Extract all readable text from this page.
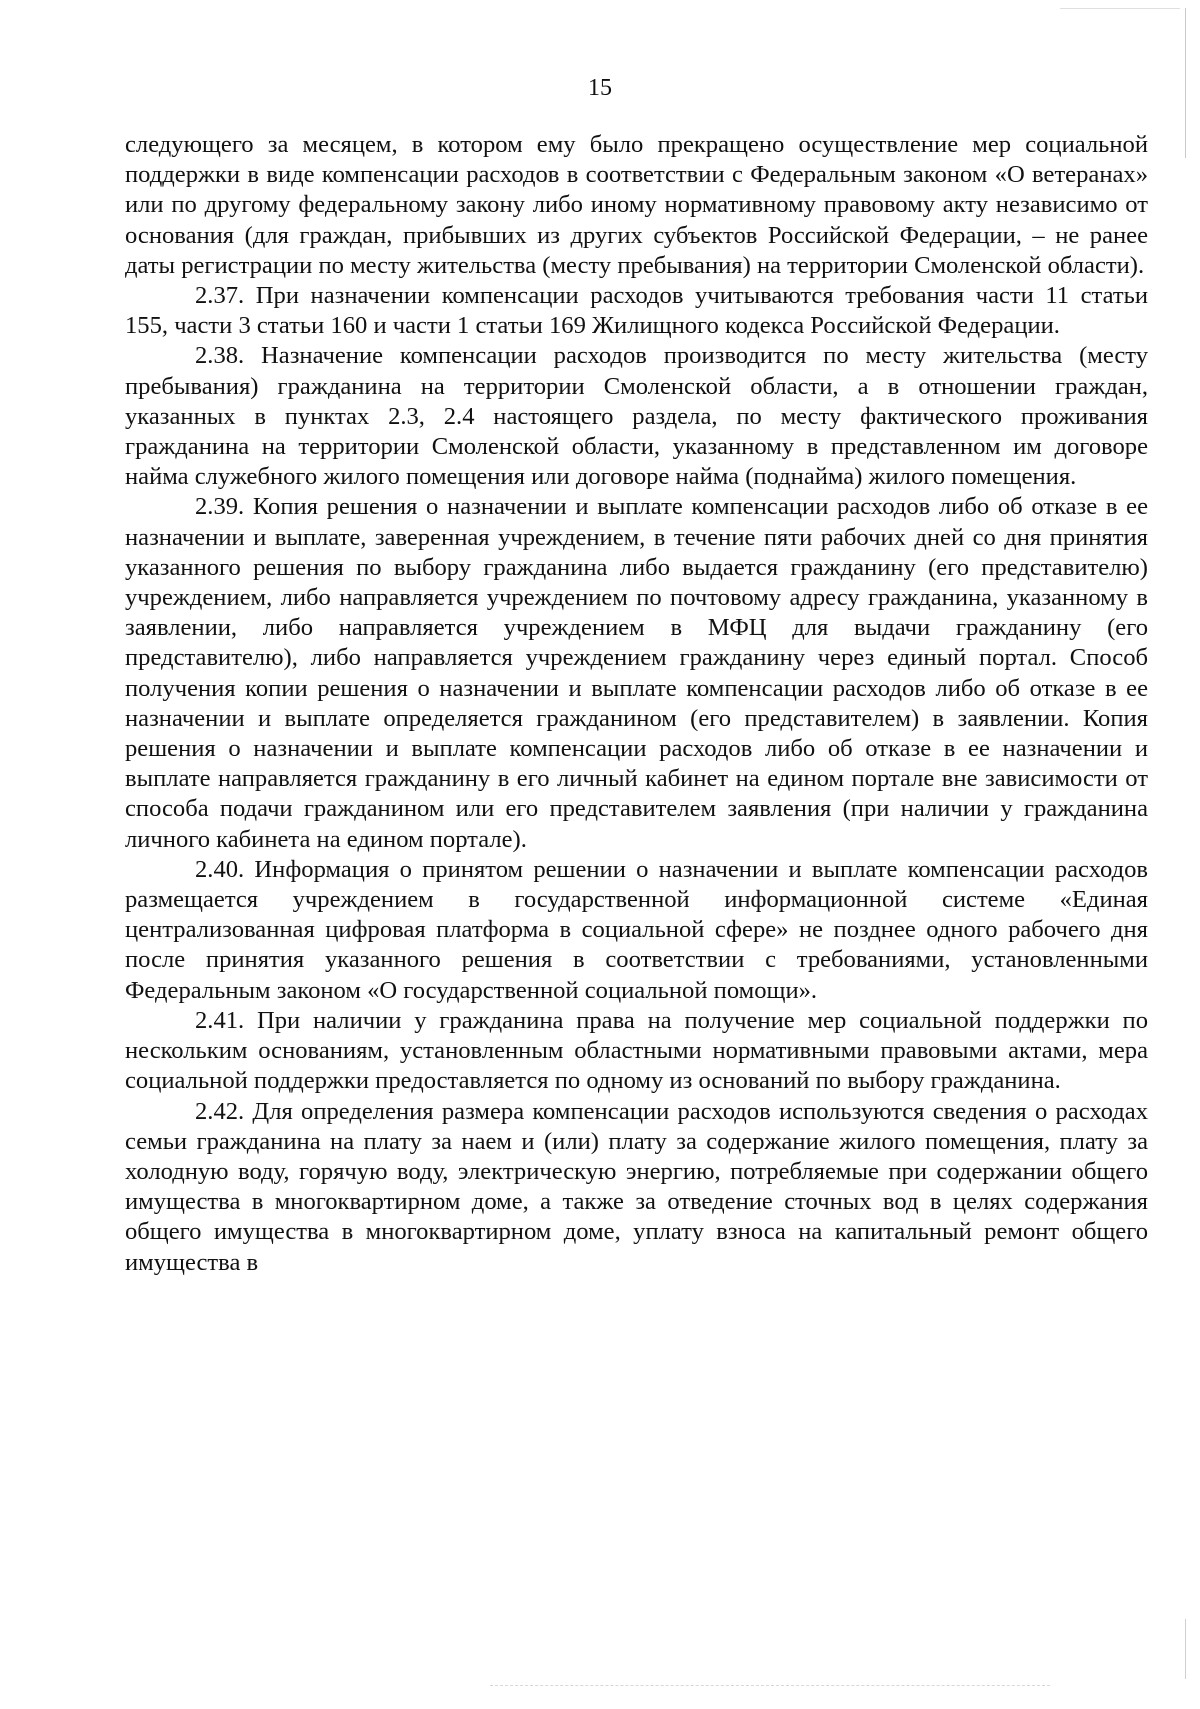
15

следующего за месяцем, в котором ему было прекращено осуществление мер социальной поддержки в виде компенсации расходов в соответствии с Федеральным законом «О ветеранах» или по другому федеральному закону либо иному нормативному правовому акту независимо от основания (для граждан, прибывших из других субъектов Российской Федерации, – не ранее даты регистрации по месту жительства (месту пребывания) на территории Смоленской области).

2.37. При назначении компенсации расходов учитываются требования части 11 статьи 155, части 3 статьи 160 и части 1 статьи 169 Жилищного кодекса Российской Федерации.

2.38. Назначение компенсации расходов производится по месту жительства (месту пребывания) гражданина на территории Смоленской области, а в отношении граждан, указанных в пунктах 2.3, 2.4 настоящего раздела, по месту фактического проживания гражданина на территории Смоленской области, указанному в представленном им договоре найма служебного жилого помещения или договоре найма (поднайма) жилого помещения.

2.39. Копия решения о назначении и выплате компенсации расходов либо об отказе в ее назначении и выплате, заверенная учреждением, в течение пяти рабочих дней со дня принятия указанного решения по выбору гражданина либо выдается гражданину (его представителю) учреждением, либо направляется учреждением по почтовому адресу гражданина, указанному в заявлении, либо направляется учреждением в МФЦ для выдачи гражданину (его представителю), либо направляется учреждением гражданину через единый портал. Способ получения копии решения о назначении и выплате компенсации расходов либо об отказе в ее назначении и выплате определяется гражданином (его представителем) в заявлении. Копия решения о назначении и выплате компенсации расходов либо об отказе в ее назначении и выплате направляется гражданину в его личный кабинет на едином портале вне зависимости от способа подачи гражданином или его представителем заявления (при наличии у гражданина личного кабинета на едином портале).

2.40. Информация о принятом решении о назначении и выплате компенсации расходов размещается учреждением в государственной информационной системе «Единая централизованная цифровая платформа в социальной сфере» не позднее одного рабочего дня после принятия указанного решения в соответствии с требованиями, установленными Федеральным законом «О государственной социальной помощи».

2.41. При наличии у гражданина права на получение мер социальной поддержки по нескольким основаниям, установленным областными нормативными правовыми актами, мера социальной поддержки предоставляется по одному из оснований по выбору гражданина.

2.42. Для определения размера компенсации расходов используются сведения о расходах семьи гражданина на плату за наем и (или) плату за содержание жилого помещения, плату за холодную воду, горячую воду, электрическую энергию, потребляемые при содержании общего имущества в многоквартирном доме, а также за отведение сточных вод в целях содержания общего имущества в многоквартирном доме, уплату взноса на капитальный ремонт общего имущества в
